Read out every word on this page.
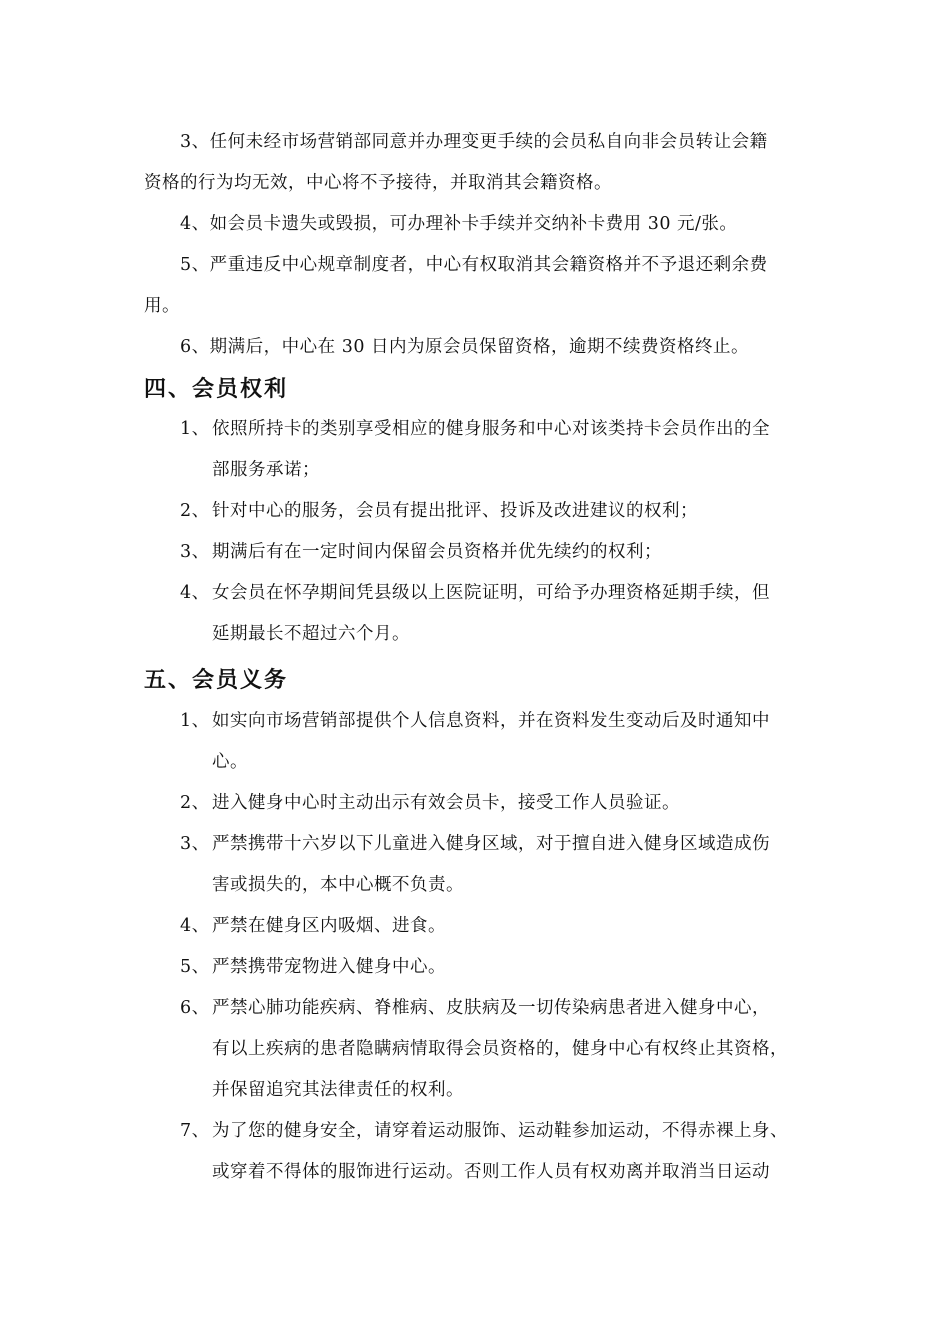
3、任何未经市场营销部同意并办理变更手续的会员私自向非会员转让会籍
资格的行为均无效，中心将不予接待，并取消其会籍资格。

4、如会员卡遗失或毁损，可办理补卡手续并交纳补卡费用 30 元/张。

5、严重违反中心规章制度者，中心有权取消其会籍资格并不予退还剩余费
用。

6、期满后，中心在 30 日内为原会员保留资格，逾期不续费资格终止。

四、会员权利
1、 依照所持卡的类别享受相应的健身服务和中心对该类持卡会员作出的全
部服务承诺；
2、 针对中心的服务，会员有提出批评、投诉及改进建议的权利；
3、 期满后有在一定时间内保留会员资格并优先续约的权利；
4、 女会员在怀孕期间凭县级以上医院证明，可给予办理资格延期手续，但
延期最长不超过六个月。
五、会员义务
1、 如实向市场营销部提供个人信息资料，并在资料发生变动后及时通知中
心。
2、 进入健身中心时主动出示有效会员卡，接受工作人员验证。
3、 严禁携带十六岁以下儿童进入健身区域，对于擅自进入健身区域造成伤
害或损失的，本中心概不负责。
4、 严禁在健身区内吸烟、进食。
5、 严禁携带宠物进入健身中心。
6、 严禁心肺功能疾病、脊椎病、皮肤病及一切传染病患者进入健身中心，
有以上疾病的患者隐瞒病情取得会员资格的，健身中心有权终止其资格，
并保留追究其法律责任的权利。
7、 为了您的健身安全，请穿着运动服饰、运动鞋参加运动，不得赤裸上身、
或穿着不得体的服饰进行运动。否则工作人员有权劝离并取消当日运动
